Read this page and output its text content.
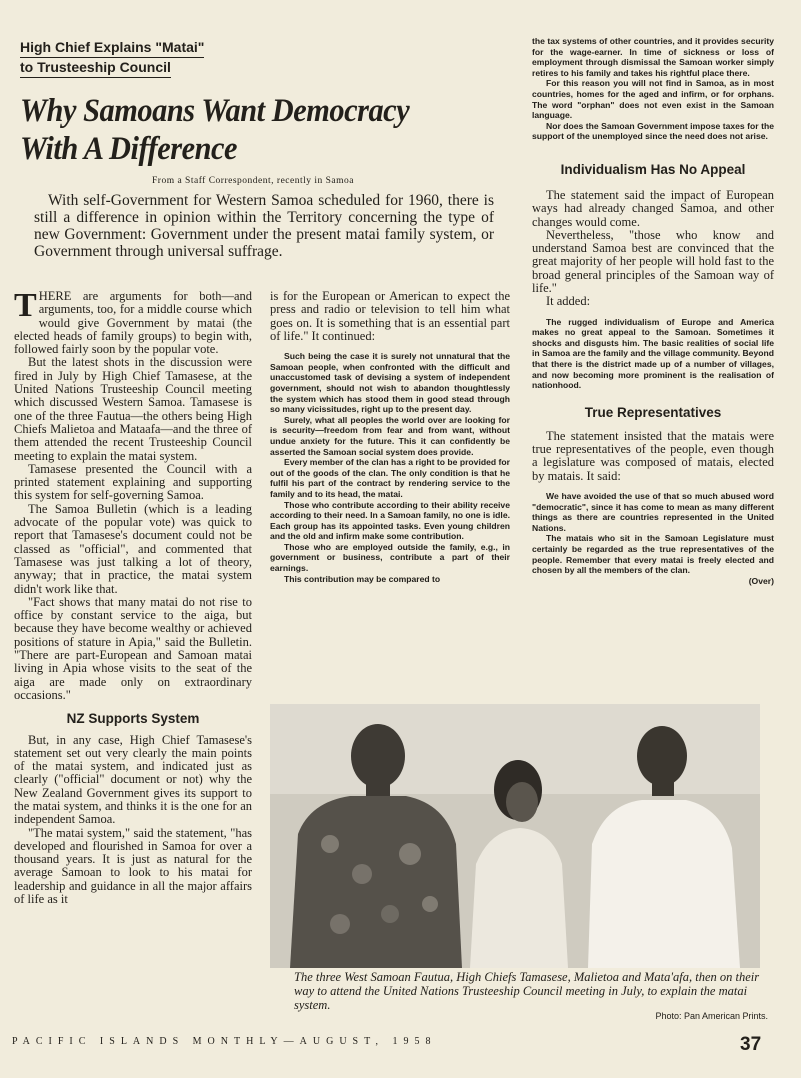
High Chief Explains "Matai"
to Trusteeship Council
Why Samoans Want Democracy
With A Difference
From a Staff Correspondent, recently in Samoa

With self-Government for Western Samoa scheduled for 1960, there is still a difference in opinion within the Territory concerning the type of new Government: Government under the present matai family system, or Government through universal suffrage.

T HERE are arguments for both—and arguments, too, for a middle course which would give Government by matai (the elected heads of family groups) to begin with, followed fairly soon by the popular vote.

But the latest shots in the discussion were fired in July by High Chief Tamasese, at the United Nations Trusteeship Council meeting which discussed Western Samoa. Tamasese is one of the three Fautua—the others being High Chiefs Malietoa and Mataafa—and the three of them attended the recent Trusteeship Council meeting to explain the matai system.

Tamasese presented the Council with a printed statement explaining and supporting this system for self-governing Samoa.

The Samoa Bulletin (which is a leading advocate of the popular vote) was quick to report that Tamasese's document could not be classed as "official", and commented that Tamasese was just talking a lot of theory, anyway; that in practice, the matai system didn't work like that.

"Fact shows that many matai do not rise to office by constant service to the aiga, but because they have become wealthy or achieved positions of stature in Apia," said the Bulletin. "There are part-European and Samoan matai living in Apia whose visits to the seat of the aiga are made only on extraordinary occasions."

NZ Supports System

But, in any case, High Chief Tamasese's statement set out very clearly the main points of the matai system, and indicated just as clearly ("official" document or not) why the New Zealand Government gives its support to the matai system, and thinks it is the one for an independent Samoa.

"The matai system," said the statement, "has developed and flourished in Samoa for over a thousand years. It is just as natural for the average Samoan to look to his matai for leadership and guidance in all the major affairs of life as it

is for the European or American to expect the press and radio or television to tell him what goes on. It is something that is an essential part of life." It continued:

Such being the case it is surely not unnatural that the Samoan people, when confronted with the difficult and unaccustomed task of devising a system of independent government, should not wish to abandon thoughtlessly the system which has stood them in good stead through so many vicissitudes, right up to the present day.

Surely, what all peoples the world over are looking for is security—freedom from fear and from want, without undue anxiety for the future. This it can confidently be asserted the Samoan social system does provide.

Every member of the clan has a right to be provided for out of the goods of the clan. The only condition is that he fulfil his part of the contract by rendering service to the family and to its head, the matai.

Those who contribute according to their ability receive according to their need. In a Samoan family, no one is idle. Each group has its appointed tasks. Even young children and the old and infirm make some contribution.

Those who are employed outside the family, e.g., in government or business, contribute a part of their earnings.

This contribution may be compared to

the tax systems of other countries, and it provides security for the wage-earner. In time of sickness or loss of employment through dismissal the Samoan worker simply retires to his family and takes his rightful place there.

For this reason you will not find in Samoa, as in most countries, homes for the aged and infirm, or for orphans. The word "orphan" does not even exist in the Samoan language.

Nor does the Samoan Government impose taxes for the support of the unemployed since the need does not arise.

Individualism Has No Appeal

The statement said the impact of European ways had already changed Samoa, and other changes would come.

Nevertheless, "those who know and understand Samoa best are convinced that the great majority of her people will hold fast to the broad general principles of the Samoan way of life."

It added:

The rugged individualism of Europe and America makes no great appeal to the Samoan. Sometimes it shocks and disgusts him. The basic realities of social life in Samoa are the family and the village community. Beyond that there is the district made up of a number of villages, and now becoming more prominent is the realisation of nationhood.

True Representatives

The statement insisted that the matais were true representatives of the people, even though a legislature was composed of matais, elected by matais. It said:

We have avoided the use of that so much abused word "democratic", since it has come to mean as many different things as there are countries represented in the United Nations.

The matais who sit in the Samoan Legislature must certainly be regarded as the true representatives of the people. Remember that every matai is freely elected and chosen by all the members of the clan.

(Over)
The three West Samoan Fautua, High Chiefs Tamasese, Malietoa and Mata'afa, then on their way to attend the United Nations Trusteeship Council meeting in July, to explain the matai system.
Photo: Pan American Prints.
PACIFIC ISLANDS MONTHLY—AUGUST, 1958	37
